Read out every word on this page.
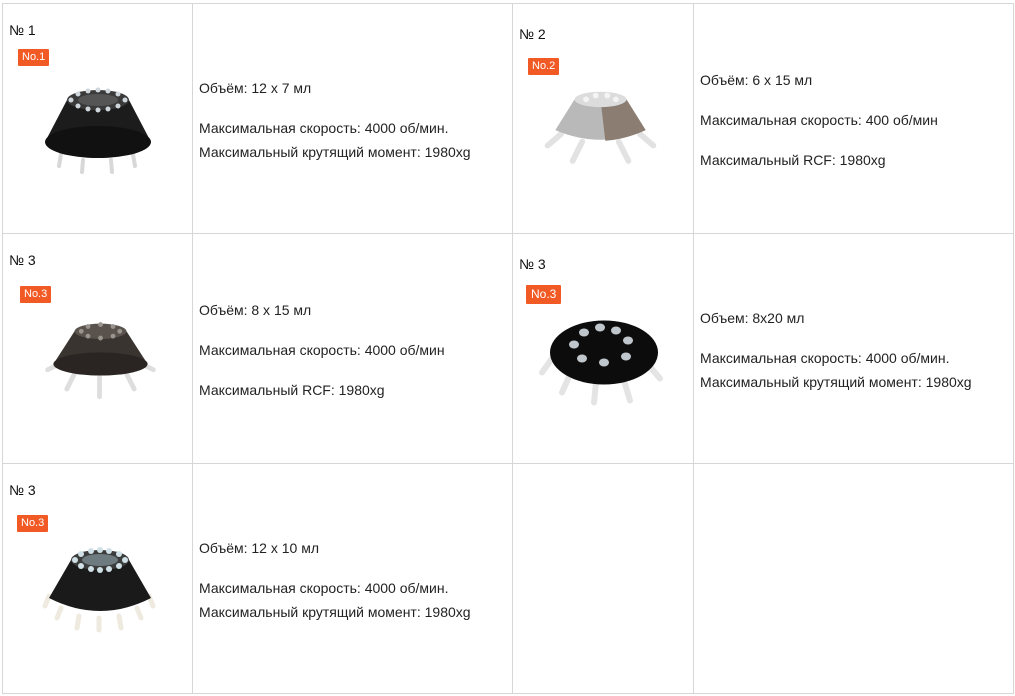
№ 1
No.1
Объём: 12 x 7 мл
Максимальная скорость: 4000 об/мин.
Максимальный крутящий момент: 1980xg
№ 2
No.2
Объём: 6 x 15 мл
Максимальная скорость: 400 об/мин
Максимальный RCF: 1980xg
№ 3
No.3
Объём: 8 x 15 мл
Максимальная скорость: 4000 об/мин
Максимальный RCF: 1980xg
№ 3
No.3
Объем: 8x20 мл
Максимальная скорость: 4000 об/мин.
Максимальный крутящий момент: 1980xg
№ 3
No.3
Объём: 12 x 10 мл
Максимальная скорость: 4000 об/мин.
Максимальный крутящий момент: 1980xg
